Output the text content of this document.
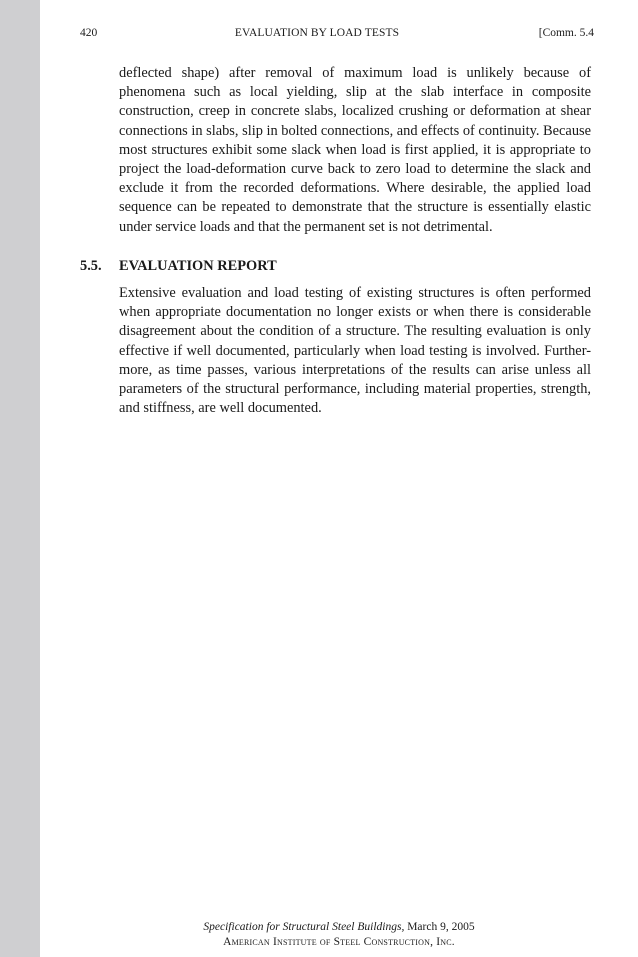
420	EVALUATION BY LOAD TESTS	[Comm. 5.4

deflected shape) after removal of maximum load is unlikely because of phenomena such as local yielding, slip at the slab interface in composite construction, creep in concrete slabs, localized crushing or deformation at shear connections in slabs, slip in bolted connections, and effects of continuity. Because most structures exhibit some slack when load is first applied, it is appropriate to project the load-deformation curve back to zero load to determine the slack and exclude it from the recorded deformations. Where desirable, the applied load sequence can be repeated to demonstrate that the structure is essentially elastic under service loads and that the permanent set is not detrimental.

5.5. EVALUATION REPORT

Extensive evaluation and load testing of existing structures is often performed when appropriate documentation no longer exists or when there is considerable disagreement about the condition of a structure. The resulting evaluation is only effective if well documented, particularly when load testing is involved. Further-more, as time passes, various interpretations of the results can arise unless all parameters of the structural performance, including material properties, strength, and stiffness, are well documented.

Specification for Structural Steel Buildings, March 9, 2005
American Institute of Steel Construction, Inc.
